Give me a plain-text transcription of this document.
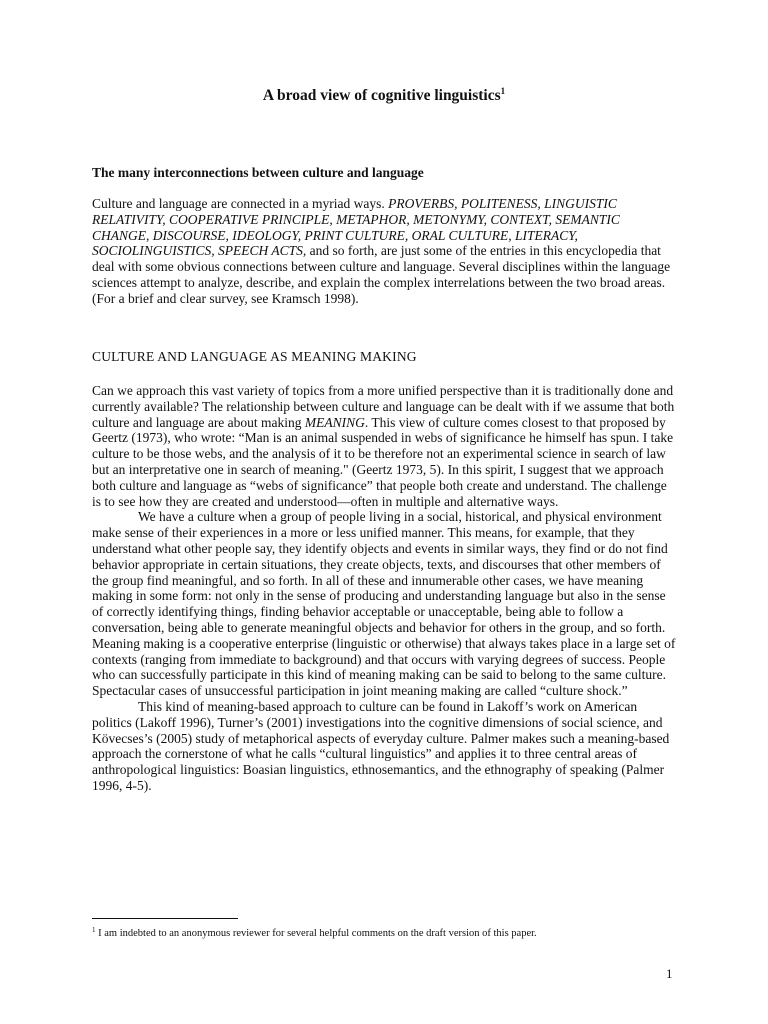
A broad view of cognitive linguistics$^1$
The many interconnections between culture and language

Culture and language are connected in a myriad ways. PROVERBS, POLITENESS, LINGUISTIC RELATIVITY, COOPERATIVE PRINCIPLE, METAPHOR, METONYMY, CONTEXT, SEMANTIC CHANGE, DISCOURSE, IDEOLOGY, PRINT CULTURE, ORAL CULTURE, LITERACY, SOCIOLINGUISTICS, SPEECH ACTS, and so forth, are just some of the entries in this encyclopedia that deal with some obvious connections between culture and language. Several disciplines within the language sciences attempt to analyze, describe, and explain the complex interrelations between the two broad areas. (For a brief and clear survey, see Kramsch 1998).

CULTURE AND LANGUAGE AS MEANING MAKING

Can we approach this vast variety of topics from a more unified perspective than it is traditionally done and currently available? The relationship between culture and language can be dealt with if we assume that both culture and language are about making MEANING. This view of culture comes closest to that proposed by Geertz (1973), who wrote: “Man is an animal suspended in webs of significance he himself has spun. I take culture to be those webs, and the analysis of it to be therefore not an experimental science in search of law but an interpretative one in search of meaning." (Geertz 1973, 5). In this spirit, I suggest that we approach both culture and language as “webs of significance” that people both create and understand. The challenge is to see how they are created and understood—often in multiple and alternative ways.

We have a culture when a group of people living in a social, historical, and physical environment make sense of their experiences in a more or less unified manner. This means, for example, that they understand what other people say, they identify objects and events in similar ways, they find or do not find behavior appropriate in certain situations, they create objects, texts, and discourses that other members of the group find meaningful, and so forth. In all of these and innumerable other cases, we have meaning making in some form: not only in the sense of producing and understanding language but also in the sense of correctly identifying things, finding behavior acceptable or unacceptable, being able to follow a conversation, being able to generate meaningful objects and behavior for others in the group, and so forth. Meaning making is a cooperative enterprise (linguistic or otherwise) that always takes place in a large set of contexts (ranging from immediate to background) and that occurs with varying degrees of success. People who can successfully participate in this kind of meaning making can be said to belong to the same culture. Spectacular cases of unsuccessful participation in joint meaning making are called “culture shock.”

This kind of meaning-based approach to culture can be found in Lakoff’s work on American politics (Lakoff 1996), Turner’s (2001) investigations into the cognitive dimensions of social science, and Kövecses’s (2005) study of metaphorical aspects of everyday culture. Palmer makes such a meaning-based approach the cornerstone of what he calls “cultural linguistics” and applies it to three central areas of anthropological linguistics: Boasian linguistics, ethnosemantics, and the ethnography of speaking (Palmer 1996, 4-5).

$^1$ I am indebted to an anonymous reviewer for several helpful comments on the draft version of this paper.
1
